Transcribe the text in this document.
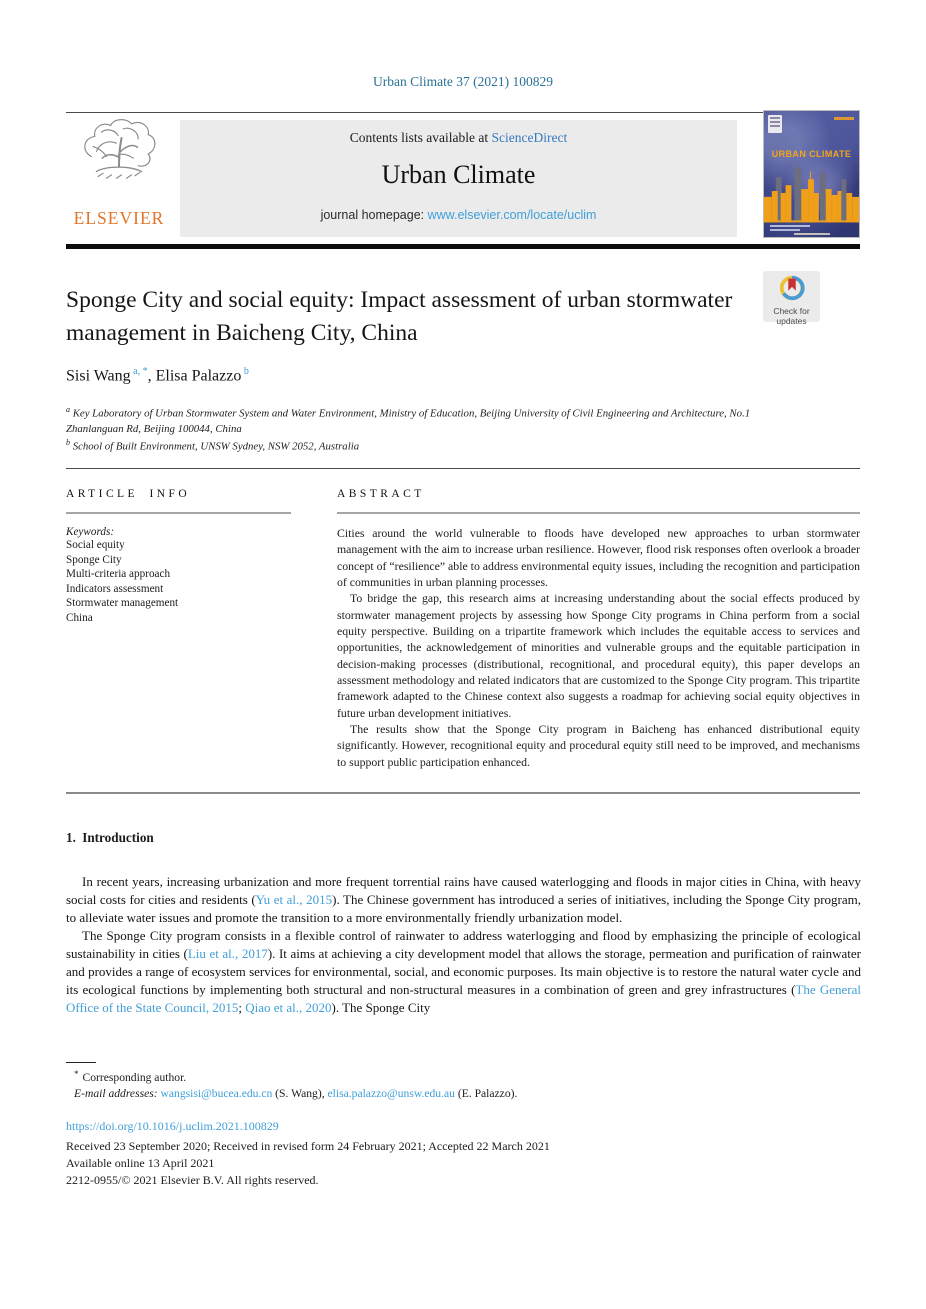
Urban Climate 37 (2021) 100829
ELSEVIER
Contents lists available at ScienceDirect
Urban Climate
journal homepage: www.elsevier.com/locate/uclim
URBAN CLIMATE
Check for updates
Sponge City and social equity: Impact assessment of urban stormwater management in Baicheng City, China
Sisi Wang $^{a, *}$, Elisa Palazzo $^b$
$^a$ Key Laboratory of Urban Stormwater System and Water Environment, Ministry of Education, Beijing University of Civil Engineering and Architecture, No.1 Zhanlanguan Rd, Beijing 100044, China
$^b$ School of Built Environment, UNSW Sydney, NSW 2052, Australia
ARTICLE INFO
Keywords:
Social equity
Sponge City
Multi-criteria approach
Indicators assessment
Stormwater management
China
ABSTRACT

Cities around the world vulnerable to floods have developed new approaches to urban stormwater management with the aim to increase urban resilience. However, flood risk responses often overlook a broader concept of “resilience” able to address environmental equity issues, including the recognition and participation of communities in urban planning processes.

To bridge the gap, this research aims at increasing understanding about the social effects produced by stormwater management projects by assessing how Sponge City programs in China perform from a social equity perspective. Building on a tripartite framework which includes the equitable access to services and opportunities, the acknowledgement of minorities and vulnerable groups and the equitable participation in decision-making processes (distributional, recognitional, and procedural equity), this paper develops an assessment methodology and related indicators that are customized to the Sponge City program. This tripartite framework adapted to the Chinese context also suggests a roadmap for achieving social equity objectives in future urban development initiatives.

The results show that the Sponge City program in Baicheng has enhanced distributional equity significantly. However, recognitional equity and procedural equity still need to be improved, and mechanisms to support public participation enhanced.

1. Introduction

In recent years, increasing urbanization and more frequent torrential rains have caused waterlogging and floods in major cities in China, with heavy social costs for cities and residents (Yu et al., 2015). The Chinese government has introduced a series of initiatives, including the Sponge City program, to alleviate water issues and promote the transition to a more environmentally friendly urbanization model.

The Sponge City program consists in a flexible control of rainwater to address waterlogging and flood by emphasizing the principle of ecological sustainability in cities (Liu et al., 2017). It aims at achieving a city development model that allows the storage, permeation and purification of rainwater and provides a range of ecosystem services for environmental, social, and economic purposes. Its main objective is to restore the natural water cycle and its ecological functions by implementing both structural and non-structural measures in a combination of green and grey infrastructures (The General Office of the State Council, 2015; Qiao et al., 2020). The Sponge City

* Corresponding author.
E-mail addresses: wangsisi@bucea.edu.cn (S. Wang), elisa.palazzo@unsw.edu.au (E. Palazzo).
https://doi.org/10.1016/j.uclim.2021.100829
Received 23 September 2020; Received in revised form 24 February 2021; Accepted 22 March 2021
Available online 13 April 2021
2212-0955/© 2021 Elsevier B.V. All rights reserved.
